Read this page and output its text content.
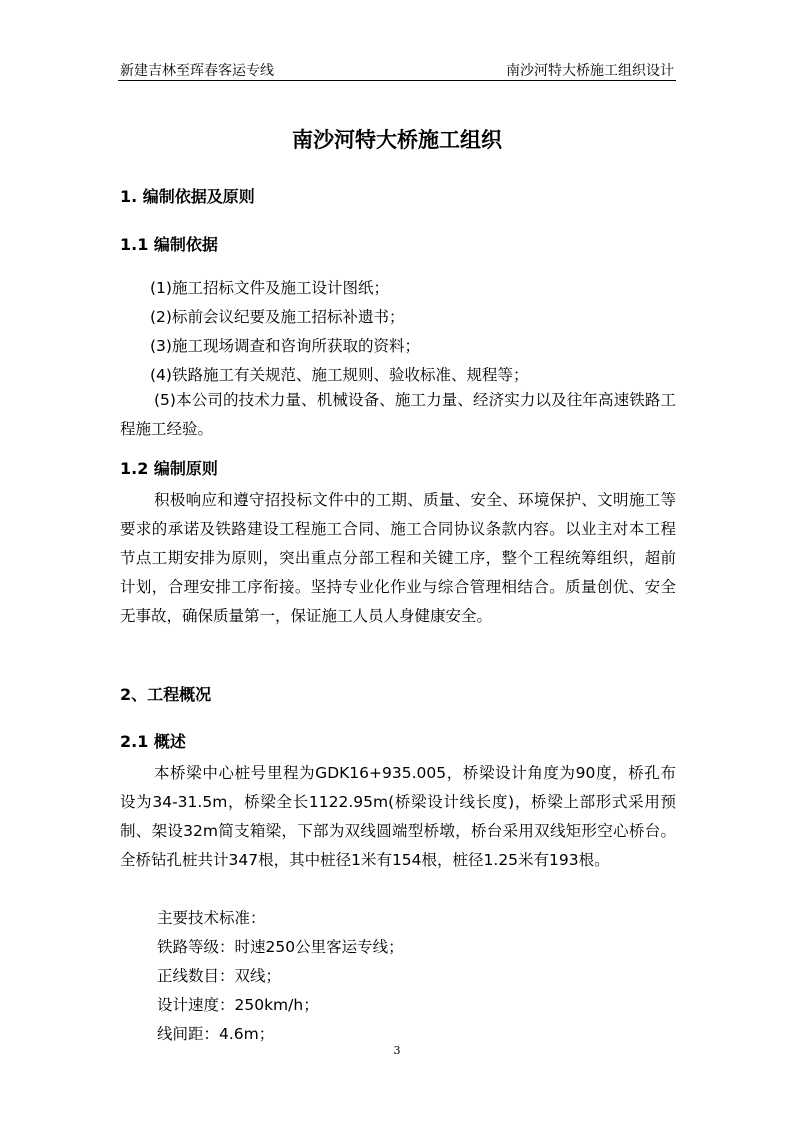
新建吉林至珲春客运专线	南沙河特大桥施工组织设计
南沙河特大桥施工组织
1. 编制依据及原则
1.1 编制依据
(1)施工招标文件及施工设计图纸；
(2)标前会议纪要及施工招标补遗书；
(3)施工现场调查和咨询所获取的资料；
(4)铁路施工有关规范、施工规则、验收标准、规程等；
(5)本公司的技术力量、机械设备、施工力量、经济实力以及往年高速铁路工程施工经验。
1.2 编制原则
积极响应和遵守招投标文件中的工期、质量、安全、环境保护、文明施工等要求的承诺及铁路建设工程施工合同、施工合同协议条款内容。以业主对本工程节点工期安排为原则，突出重点分部工程和关键工序，整个工程统筹组织，超前计划，合理安排工序衔接。坚持专业化作业与综合管理相结合。质量创优、安全无事故，确保质量第一，保证施工人员人身健康安全。
2、工程概况
2.1 概述
本桥梁中心桩号里程为GDK16+935.005，桥梁设计角度为90度，桥孔布设为34-31.5m，桥梁全长1122.95m(桥梁设计线长度)，桥梁上部形式采用预制、架设32m简支箱梁，下部为双线圆端型桥墩，桥台采用双线矩形空心桥台。全桥钻孔桩共计347根，其中桩径1米有154根，桩径1.25米有193根。
主要技术标准：
铁路等级：时速250公里客运专线；
正线数目：双线；
设计速度：250km/h；
线间距：4.6m；
3
